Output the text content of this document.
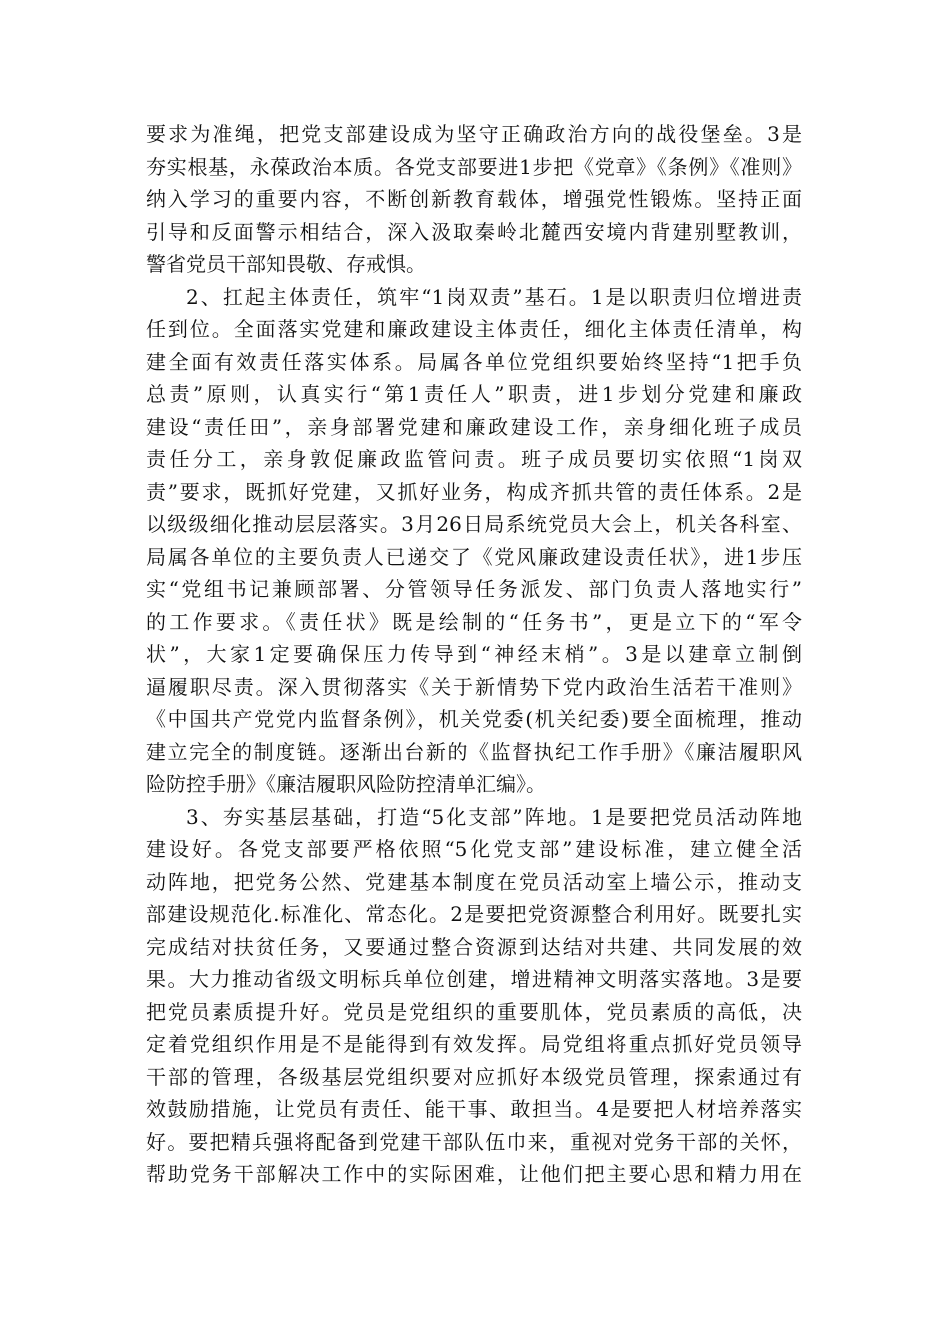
要求为准绳，把党支部建设成为坚守正确政治方向的战役堡垒。3是
夯实根基，永葆政治本质。各党支部要进1步把《党章》《条例》《准则》
纳入学习的重要内容，不断创新教育载体，增强党性锻炼。坚持正面
引导和反面警示相结合，深入汲取秦岭北麓西安境内背建别墅教训，
警省党员干部知畏敬、存戒惧。
2、扛起主体责任，筑牢“1岗双责”基石。1是以职责归位增进责
任到位。全面落实党建和廉政建设主体责任，细化主体责任清单，构
建全面有效责任落实体系。局属各单位党组织要始终坚持“1把手负
总责”原则，认真实行“第1责任人”职责，进1步划分党建和廉政
建设“责任田”，亲身部署党建和廉政建设工作，亲身细化班子成员
责任分工，亲身敦促廉政监管问责。班子成员要切实依照“1岗双
责”要求，既抓好党建，又抓好业务，构成齐抓共管的责任体系。2是
以级级细化推动层层落实。3月26日局系统党员大会上，机关各科室、
局属各单位的主要负责人已递交了《党风廉政建设责任状》，进1步压
实“党组书记兼顾部署、分管领导任务派发、部门负责人落地实行”
的工作要求。《责任状》既是绘制的“任务书”，更是立下的“军令
状”，大家1定要确保压力传导到“神经末梢”。3是以建章立制倒
逼履职尽责。深入贯彻落实《关于新情势下党内政治生活若干准则》
《中国共产党党内监督条例》，机关党委(机关纪委)要全面梳理，推动
建立完全的制度链。逐渐出台新的《监督执纪工作手册》《廉洁履职风
险防控手册》《廉洁履职风险防控清单汇编》。
3、夯实基层基础，打造“5化支部”阵地。1是要把党员活动阵地
建设好。各党支部要严格依照“5化党支部”建设标准，建立健全活
动阵地，把党务公然、党建基本制度在党员活动室上墙公示，推动支
部建设规范化.标准化、常态化。2是要把党资源整合利用好。既要扎实
完成结对扶贫任务，又要通过整合资源到达结对共建、共同发展的效
果。大力推动省级文明标兵单位创建，增进精神文明落实落地。3是要
把党员素质提升好。党员是党组织的重要肌体，党员素质的高低，决
定着党组织作用是不是能得到有效发挥。局党组将重点抓好党员领导
干部的管理，各级基层党组织要对应抓好本级党员管理，探索通过有
效鼓励措施，让党员有责任、能干事、敢担当。4是要把人材培养落实
好。要把精兵强将配备到党建干部队伍巾来，重视对党务干部的关怀，
帮助党务干部解决工作中的实际困难，让他们把主要心思和精力用在
